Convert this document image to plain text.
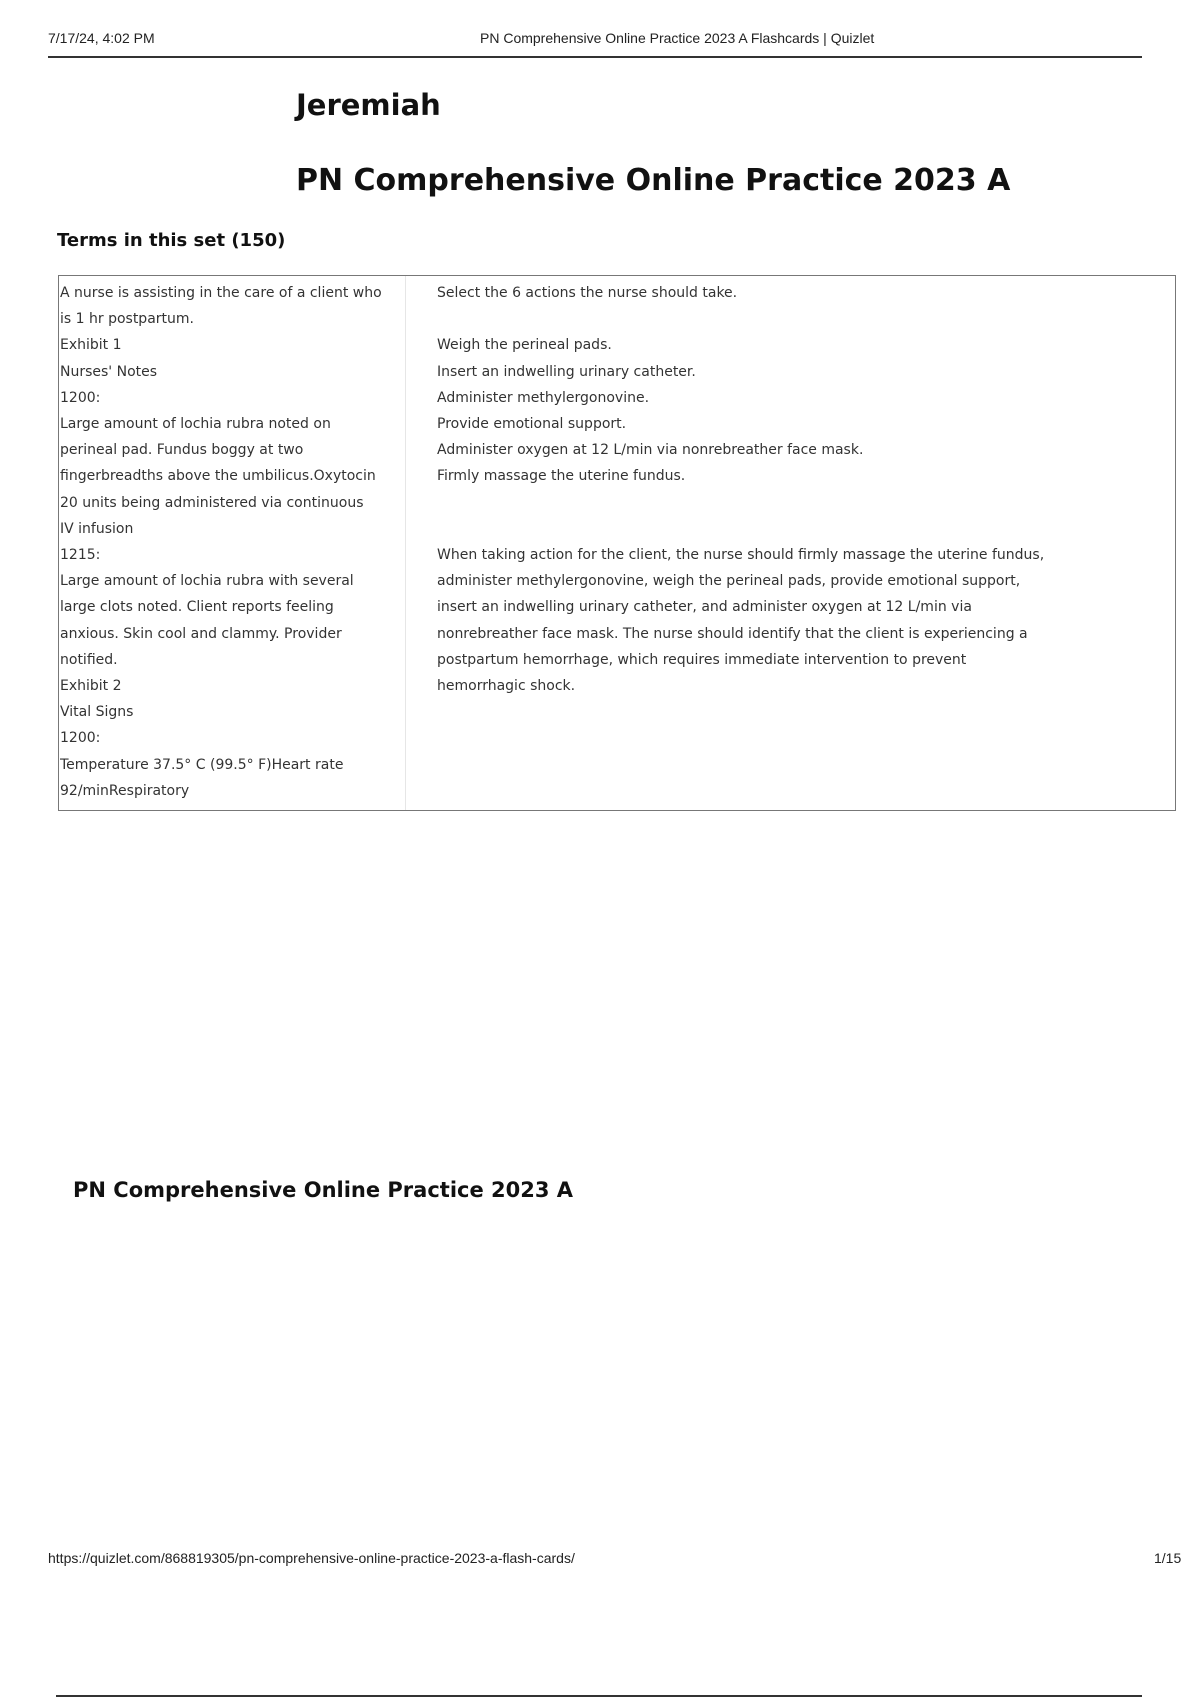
7/17/24, 4:02 PM	PN Comprehensive Online Practice 2023 A Flashcards | Quizlet
Jeremiah
PN Comprehensive Online Practice 2023 A
Terms in this set (150)
A nurse is assisting in the care of a client who
is 1 hr postpartum.
Exhibit 1
Nurses' Notes
1200:
Large amount of lochia rubra noted on
perineal pad. Fundus boggy at two
fingerbreadths above the umbilicus.Oxytocin
20 units being administered via continuous
IV infusion
1215:
Large amount of lochia rubra with several
large clots noted. Client reports feeling
anxious. Skin cool and clammy. Provider
notified.
Exhibit 2
Vital Signs
1200:
Temperature 37.5° C (99.5° F)Heart rate
92/minRespiratory
Select the 6 actions the nurse should take.
Weigh the perineal pads.
Insert an indwelling urinary catheter.
Administer methylergonovine.
Provide emotional support.
Administer oxygen at 12 L/min via nonrebreather face mask.
Firmly massage the uterine fundus.
When taking action for the client, the nurse should firmly massage the uterine fundus,
administer methylergonovine, weigh the perineal pads, provide emotional support,
insert an indwelling urinary catheter, and administer oxygen at 12 L/min via
nonrebreather face mask. The nurse should identify that the client is experiencing a
postpartum hemorrhage, which requires immediate intervention to prevent
hemorrhagic shock.
PN Comprehensive Online Practice 2023 A
https://quizlet.com/868819305/pn-comprehensive-online-practice-2023-a-flash-cards/	1/15
